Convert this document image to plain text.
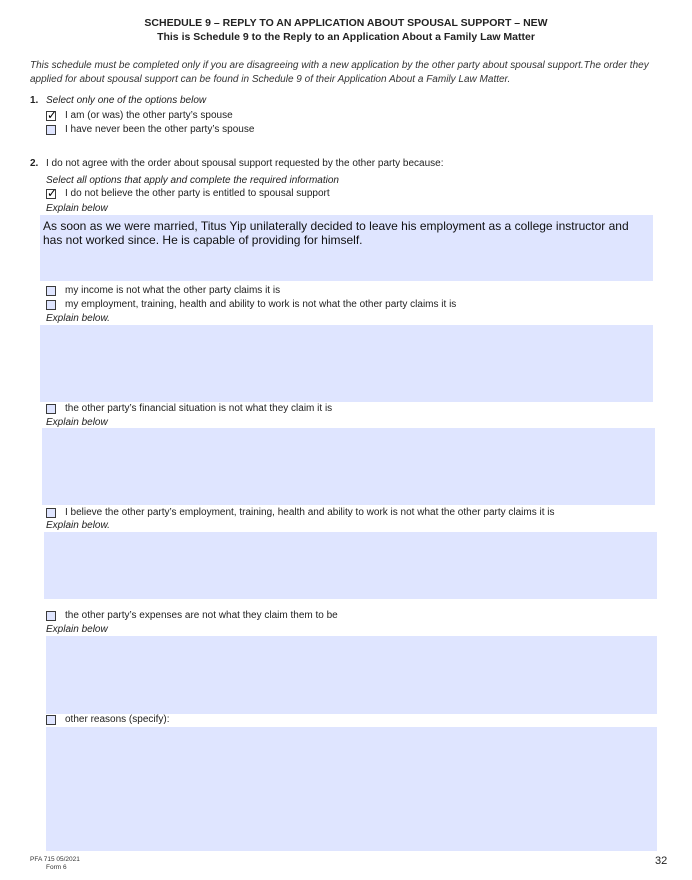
SCHEDULE 9 – REPLY TO AN APPLICATION ABOUT SPOUSAL SUPPORT – NEW
This is Schedule 9 to the Reply to an Application About a Family Law Matter
This schedule must be completed only if you are disagreeing with a new application by the other party about spousal support.The order they applied for about spousal support can be found in Schedule 9 of their Application About a Family Law Matter.
1. Select only one of the options below
✓
I am (or was) the other party’s spouse
I have never been the other party’s spouse
2. I do not agree with the order about spousal support requested by the other party because:
Select all options that apply and complete the required information
✓
I do not believe the other party is entitled to spousal support
Explain below
As soon as we were married, Titus Yip unilaterally decided to leave his employment as a college instructor and has not worked since. He is capable of providing for himself.
my income is not what the other party claims it is
my employment, training, health and ability to work is not what the other party claims it is
Explain below.
the other party’s financial situation is not what they claim it is
Explain below
I believe the other party’s employment, training, health and ability to work is not what the other party claims it is
Explain below.
the other party’s expenses are not what they claim them to be
Explain below
other reasons (specify):
PFA 715 05/2021
Form 6
32
